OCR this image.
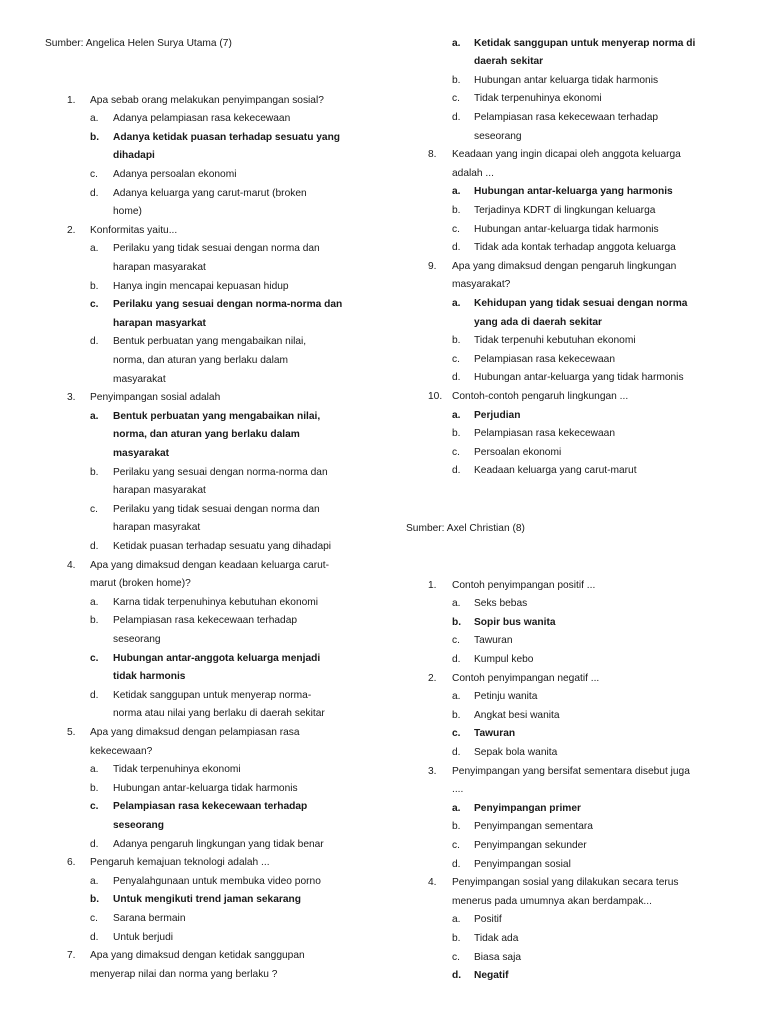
Sumber: Angelica Helen Surya Utama (7)
1. Apa sebab orang melakukan penyimpangan sosial?
a. Adanya pelampiasan rasa kekecewaan
b. Adanya ketidak puasan terhadap sesuatu yang
dihadapi
c. Adanya persoalan ekonomi
d. Adanya keluarga yang carut-marut (broken
home)
2. Konformitas yaitu...
a. Perilaku yang tidak sesuai dengan norma dan
harapan masyarakat
b. Hanya ingin mencapai kepuasan hidup
c. Perilaku yang sesuai dengan norma-norma dan
harapan masyarkat
d. Bentuk perbuatan yang mengabaikan nilai,
norma, dan aturan yang berlaku dalam
masyarakat
3. Penyimpangan sosial adalah
a. Bentuk perbuatan yang mengabaikan nilai,
norma, dan aturan yang berlaku dalam
masyarakat
b. Perilaku yang sesuai dengan norma-norma dan
harapan masyarakat
c. Perilaku yang tidak sesuai dengan norma dan
harapan masyrakat
d. Ketidak puasan terhadap sesuatu yang dihadapi
4. Apa yang dimaksud dengan keadaan keluarga carut-
marut (broken home)?
a. Karna tidak terpenuhinya kebutuhan ekonomi
b. Pelampiasan rasa kekecewaan terhadap
seseorang
c. Hubungan antar-anggota keluarga menjadi
tidak harmonis
d. Ketidak sanggupan untuk menyerap norma-
norma atau nilai yang berlaku di daerah sekitar
5. Apa yang dimaksud dengan pelampiasan rasa
kekecewaan?
a. Tidak terpenuhinya ekonomi
b. Hubungan antar-keluarga tidak harmonis
c. Pelampiasan rasa kekecewaan terhadap
seseorang
d. Adanya pengaruh lingkungan yang tidak benar
6. Pengaruh kemajuan teknologi adalah ...
a. Penyalahgunaan untuk membuka video porno
b. Untuk mengikuti trend jaman sekarang
c. Sarana bermain
d. Untuk berjudi
7. Apa yang dimaksud dengan ketidak sanggupan
menyerap nilai dan norma yang berlaku ?
a. Ketidak sanggupan untuk menyerap norma di
daerah sekitar
b. Hubungan antar keluarga tidak harmonis
c. Tidak terpenuhinya ekonomi
d. Pelampiasan rasa kekecewaan terhadap
seseorang
8. Keadaan yang ingin dicapai oleh anggota keluarga
adalah ...
a. Hubungan antar-keluarga yang harmonis
b. Terjadinya KDRT di lingkungan keluarga
c. Hubungan antar-keluarga tidak harmonis
d. Tidak ada kontak terhadap anggota keluarga
9. Apa yang dimaksud dengan pengaruh lingkungan
masyarakat?
a. Kehidupan yang tidak sesuai dengan norma
yang ada di daerah sekitar
b. Tidak terpenuhi kebutuhan ekonomi
c. Pelampiasan rasa kekecewaan
d. Hubungan antar-keluarga yang tidak harmonis
10. Contoh-contoh pengaruh lingkungan ...
a. Perjudian
b. Pelampiasan rasa kekecewaan
c. Persoalan ekonomi
d. Keadaan keluarga yang carut-marut
Sumber: Axel Christian (8)
1. Contoh penyimpangan positif ...
a. Seks bebas
b. Sopir bus wanita
c. Tawuran
d. Kumpul kebo
2. Contoh penyimpangan negatif ...
a. Petinju wanita
b. Angkat besi wanita
c. Tawuran
d. Sepak bola wanita
3. Penyimpangan yang bersifat sementara disebut juga
....
a. Penyimpangan primer
b. Penyimpangan sementara
c. Penyimpangan sekunder
d. Penyimpangan sosial
4. Penyimpangan sosial yang dilakukan secara terus
menerus pada umumnya akan berdampak...
a. Positif
b. Tidak ada
c. Biasa saja
d. Negatif
